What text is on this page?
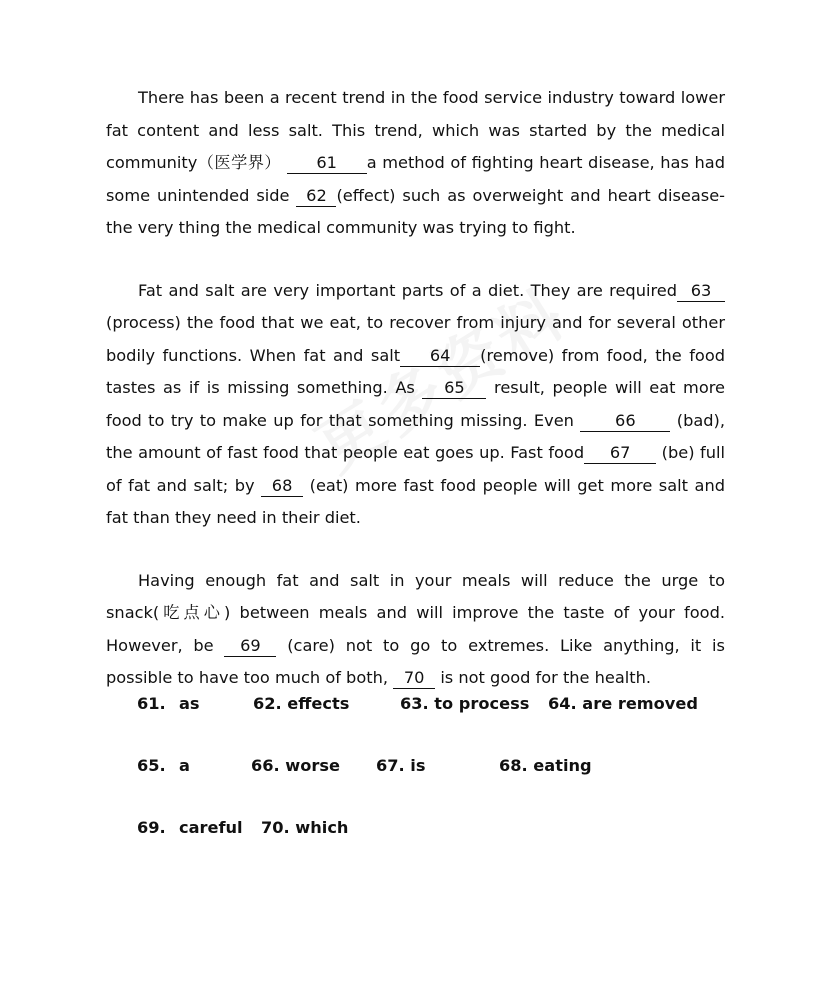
There has been a recent trend in the food service industry toward lower fat content and less salt. This trend, which was started by the medical community（医学界） 61 a method of fighting heart disease, has had some unintended side 62 (effect) such as overweight and heart disease-the very thing the medical community was trying to fight.

Fat and salt are very important parts of a diet. They are required 63 (process) the food that we eat, to recover from injury and for several other bodily functions. When fat and salt 64 (remove) from food, the food tastes as if is missing something. As 65 result, people will eat more food to try to make up for that something missing. Even	66	(bad), the amount of fast food that people eat goes up. Fast food 67 (be) full of fat and salt; by 68 (eat) more fast food people will get more salt and fat than they need in their diet.

Having enough fat and salt in your meals will reduce the urge to snack(吃点心) between meals and will improve the taste of your food. However, be 69 (care) not to go to extremes. Like anything, it is possible to have too much of both, 70 is not good for the health.

61. as	62. effects	63. to process 64. are removed
65. a	66. worse 67. is	68. eating
69. careful 70. which
